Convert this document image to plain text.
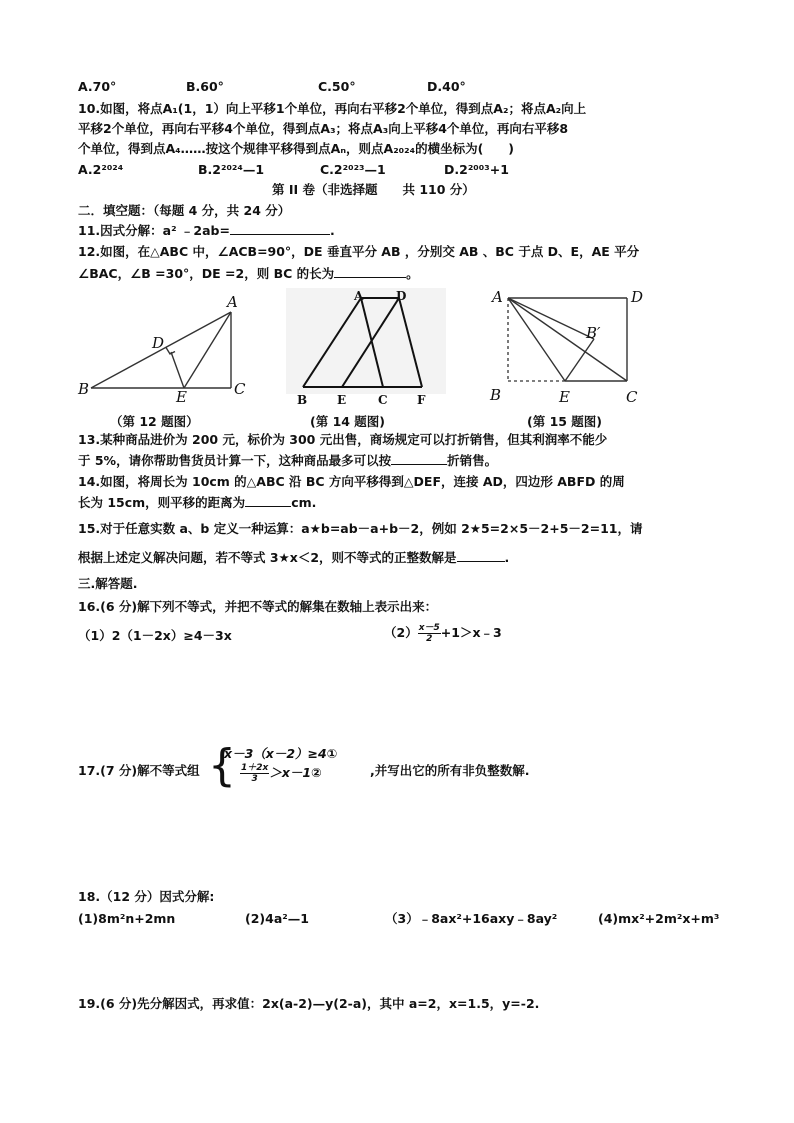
A.70°	B.60°	C.50°	D.40°
10.如图，将点A₁(1，1）向上平移1个单位，再向右平移2个单位，得到点A₂；将点A₂向上
平移2个单位，再向右平移4个单位，得到点A₃；将点A₃向上平移4个单位，再向右平移8
个单位，得到点A₄……按这个规律平移得到点Aₙ，则点A₂₀₂₄的横坐标为(　　)
A.2²⁰²⁴	B.2²⁰²⁴—1	C.2²⁰²³—1	D.2²⁰⁰³+1
第 II 卷（非选择题　　共 110 分）
二．填空题：（每题 4 分，共 24 分）
11.因式分解：a² ﹣2ab=	.
12.如图，在△ABC 中，∠ACB=90°，DE 垂直平分 AB ，分别交 AB 、BC 于点 D、E，AE 平分
∠BAC，∠B =30°，DE =2，则 BC 的长为	。
A
D
B	E	C
A	D
B E	C F
A	D
B′
B	E	C
（第 12 题图）	(第 14 题图)	(第 15 题图)
13.某种商品进价为 200 元，标价为 300 元出售，商场规定可以打折销售，但其利润率不能少
于 5%，请你帮助售货员计算一下，这种商品最多可以按	折销售。
14.如图，将周长为 10cm 的△ABC 沿 BC 方向平移得到△DEF，连接 AD，四边形 ABFD 的周
长为 15cm，则平移的距离为	cm.
15.对于任意实数 a、b 定义一种运算：a★b=ab－a+b－2，例如 2★5=2×5－2+5－2=11，请
根据上述定义解决问题，若不等式 3★x＜2，则不等式的正整数解是	.
三.解答题.
16.(6 分)解下列不等式，并把不等式的解集在数轴上表示出来：
（1）2（1－2x）≥4－3x	$(2) \frac{x-5}{2}$ +1＞x﹣3
17.(7 分)解不等式组 {
x－3（x－2）≥4①
$\frac{1+2x}{3}$ ＞x－1②	,并写出它的所有非负整数解.
18.（12 分）因式分解:
(1)8m²n+2mn	(2)4a²—1	（3）﹣8ax²+16axy﹣8ay²	(4)mx²+2m²x+m³
19.(6 分)先分解因式，再求值：2x(a-2)—y(2-a)，其中 a=2，x=1.5，y=-2.
